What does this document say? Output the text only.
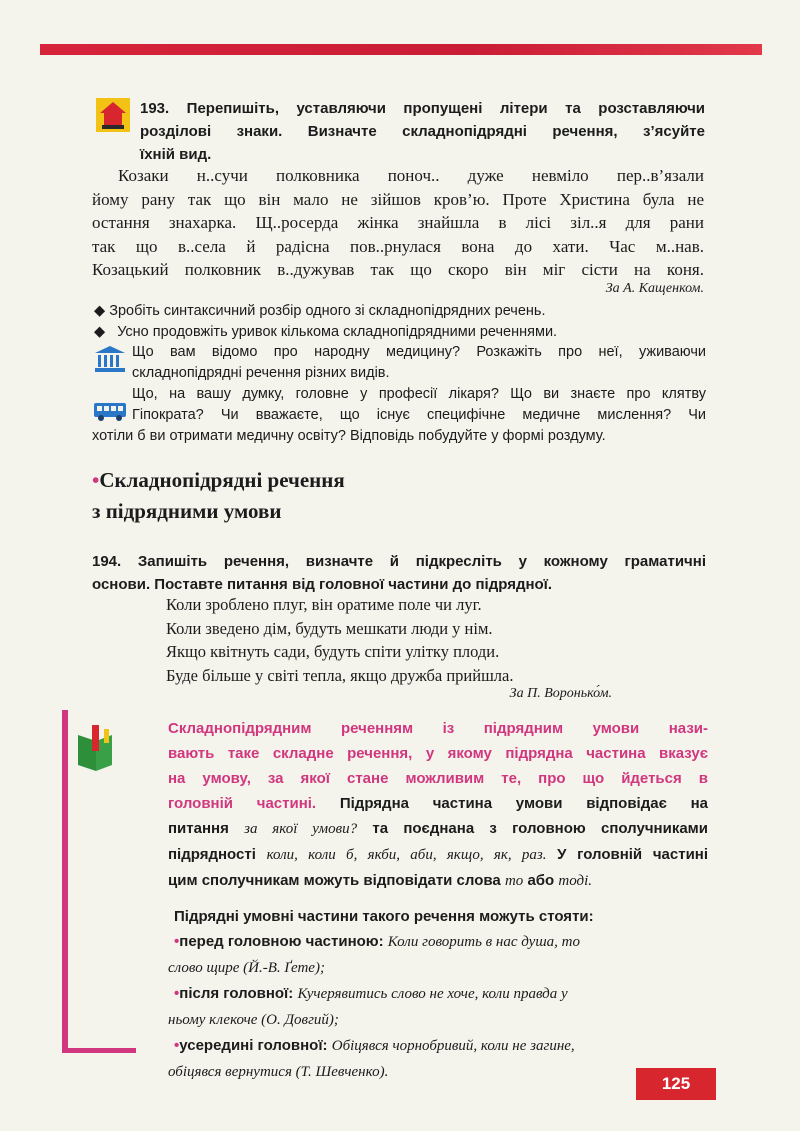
193. Перепишіть, уставляючи пропущені літери та розставляючи
розділові знаки. Визначте складнопідрядні речення, з’ясуйте
їхній вид.
Козаки н..сучи полковника поноч.. дуже невміло пер..в’язали
йому рану так що він мало не зійшов кров’ю. Проте Христина була не
остання знахарка. Щ..росерда жінка знайшла в лісі зіл..я для рани
так що в..села й радісна пов..рнулася вона до хати. Час м..нав.
Козацький полковник в..дужував так що скоро він міг сісти на коня.
За А. Кащенком.
◆ Зробіть синтаксичний розбір одного зі складнопідрядних речень.
◆ Усно продовжіть уривок кількома складнопідрядними реченнями.
Що вам відомо про народну медицину? Розкажіть про неї, уживаючи
складнопідрядні речення різних видів.
Що, на вашу думку, головне у професії лікаря? Що ви знаєте про клятву
Гіпократа? Чи вважаєте, що існує специфічне медичне мислення? Чи
хотіли б ви отримати медичну освіту? Відповідь побудуйте у формі роздуму.
•Складнопідрядні речення
з підрядними умови
194. Запишіть речення, визначте й підкресліть у кожному граматичні
основи. Поставте питання від головної частини до підрядної.
Коли зроблено плуг, він оратиме поле чи луг.
Коли зведено дім, будуть мешкати люди у нім.
Якщо квітнуть сади, будуть спіти улітку плоди.
Буде більше у світі тепла, якщо дружба прийшла.
За П. Воронько́м.
Складнопідрядним реченням із підрядним умови нази-
вають таке складне речення, у якому підрядна частина вказує
на умову, за якої стане можливим те, про що йдеться в
головній частині. Підрядна частина умови відповідає на
питання за якої умови? та поєднана з головною сполучниками
підрядності коли, коли б, якби, аби, якщо, як, раз. У головній частині
цим сполучникам можуть відповідати слова то або тоді.
Підрядні умовні частини такого речення можуть стояти:
•перед головною частиною: Коли говорить в нас душа, то
слово щире (Й.-В. Ґете);
•після головної: Кучерявитись слово не хоче, коли правда у
ньому клекоче (О. Довгий);
•усередині головної: Обіцявся чорнобривий, коли не загине,
обіцявся вернутися (Т. Шевченко).
125
